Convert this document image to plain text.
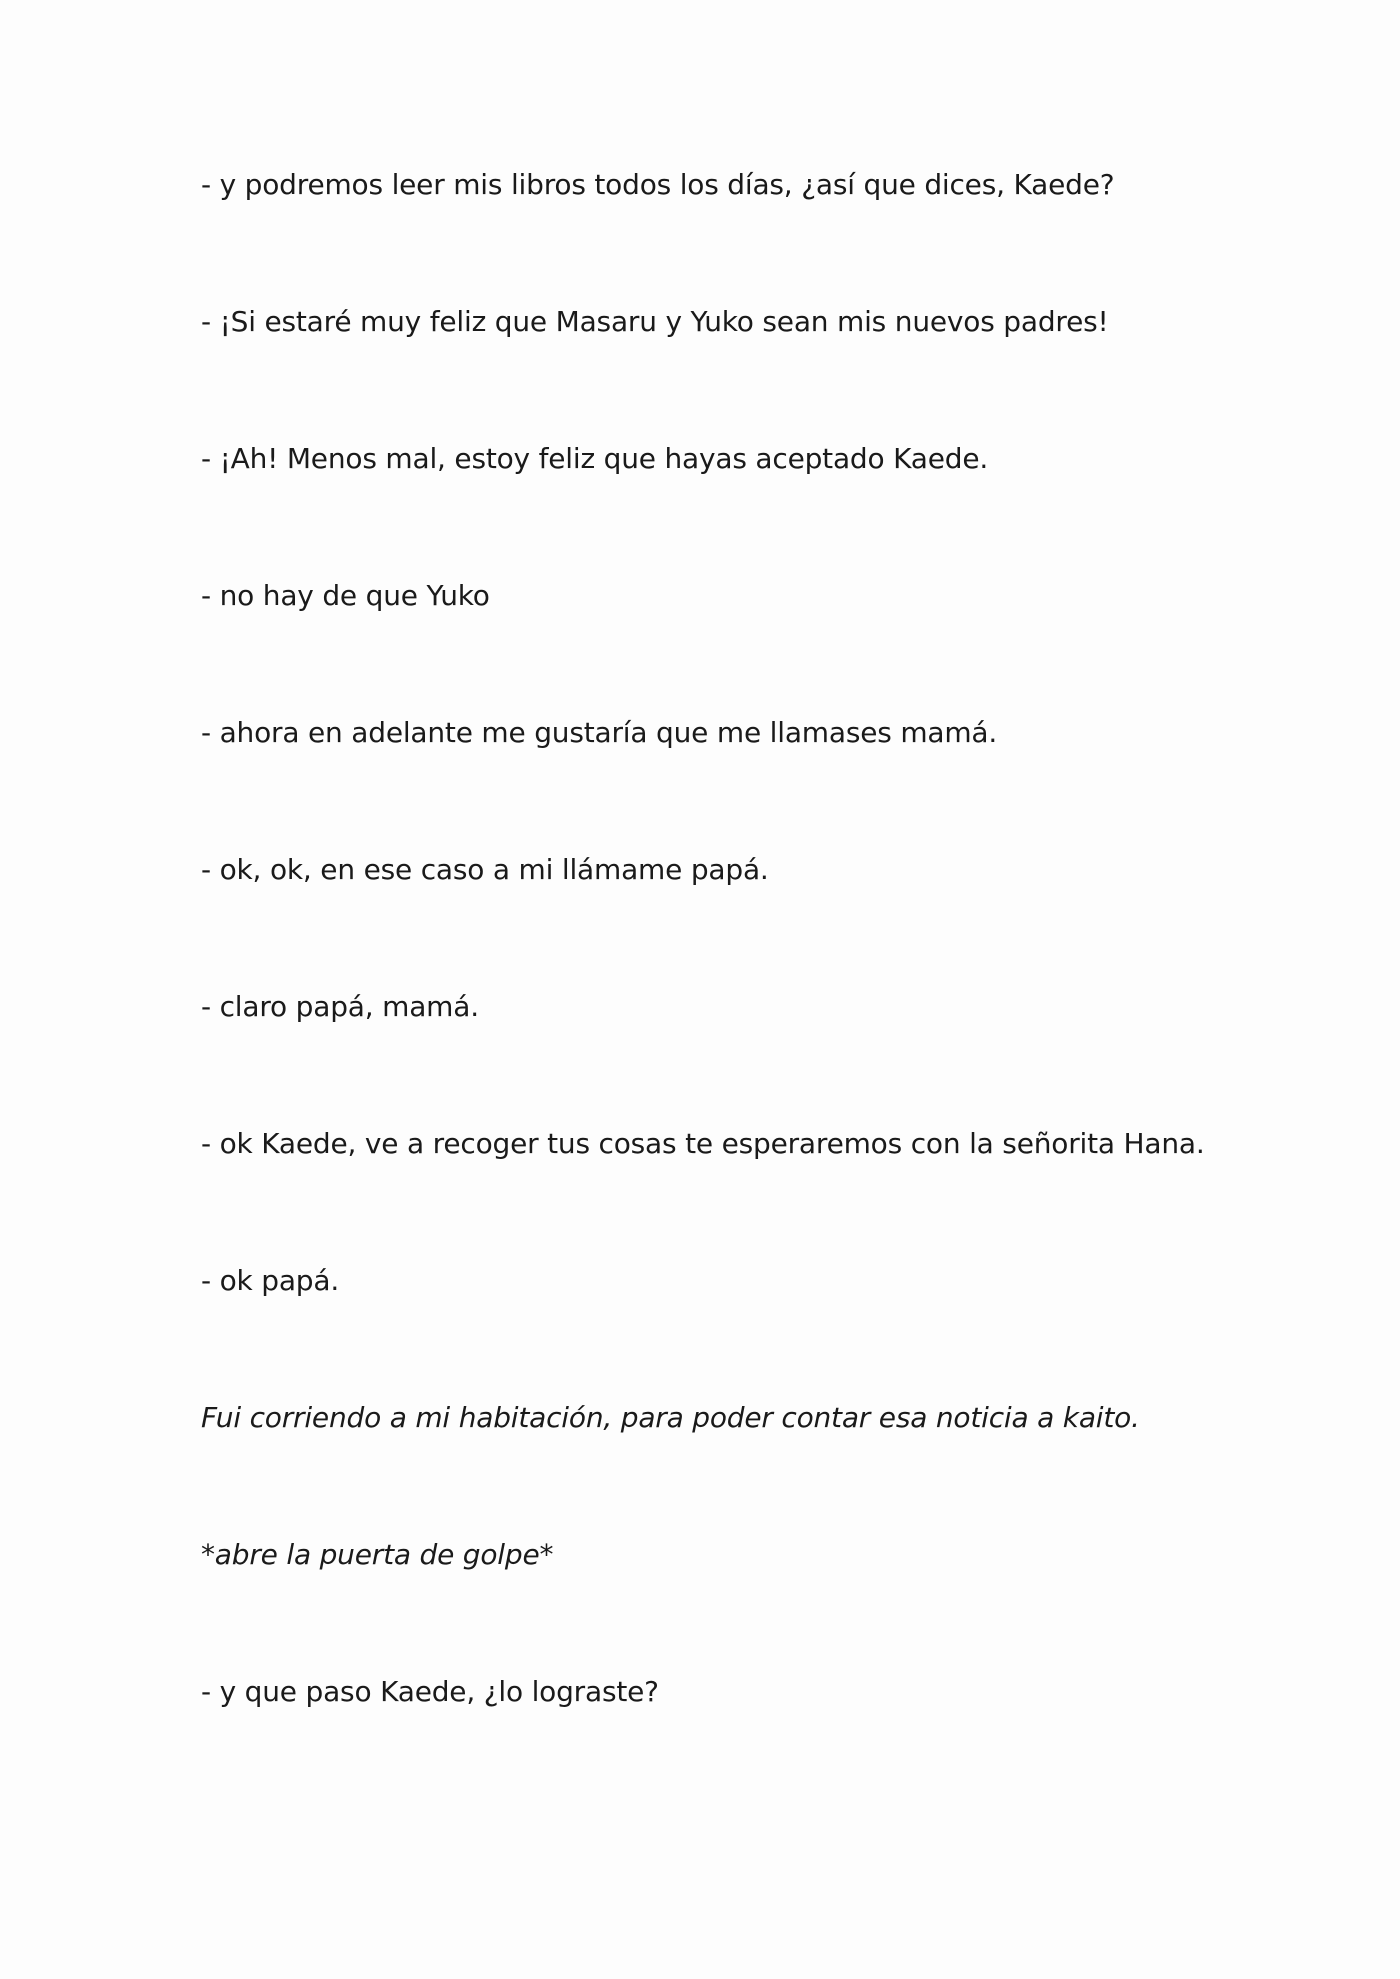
- y podremos leer mis libros todos los días, ¿así que dices, Kaede?

- ¡Si estaré muy feliz que Masaru y Yuko sean mis nuevos padres!

- ¡Ah! Menos mal, estoy feliz que hayas aceptado Kaede.

- no hay de que Yuko

- ahora en adelante me gustaría que me llamases mamá.

- ok, ok, en ese caso a mi llámame papá.

- claro papá, mamá.

- ok Kaede, ve a recoger tus cosas te esperaremos con la señorita Hana.

- ok papá.

Fui corriendo a mi habitación, para poder contar esa noticia a kaito.

*abre la puerta de golpe*

- y que paso Kaede, ¿lo lograste?
